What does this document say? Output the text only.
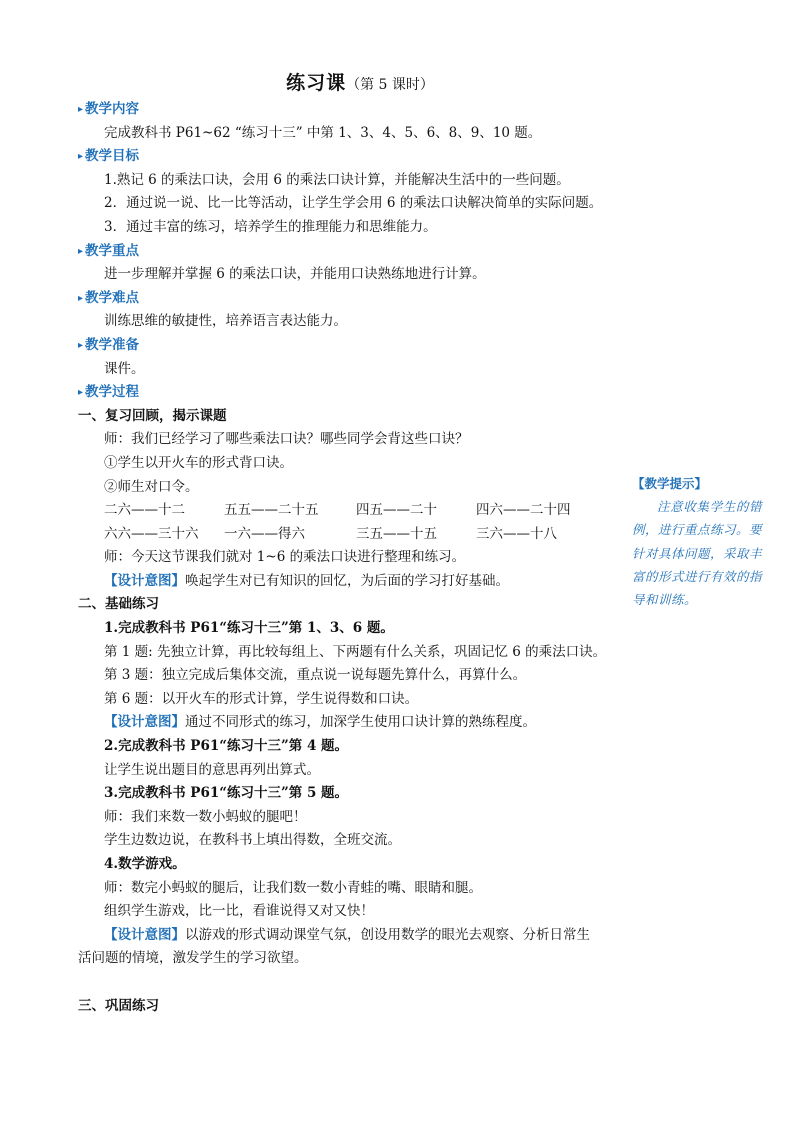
练习课（第 5 课时）
▸ 教学内容
完成教科书 P61~62 “练习十三” 中第 1、3、4、5、6、8、9、10 题。
▸ 教学目标
1.熟记 6 的乘法口诀，会用 6 的乘法口诀计算，并能解决生活中的一些问题。
2．通过说一说、比一比等活动，让学生学会用 6 的乘法口诀解决简单的实际问题。
3．通过丰富的练习，培养学生的推理能力和思维能力。
▸ 教学重点
进一步理解并掌握 6 的乘法口诀，并能用口诀熟练地进行计算。
▸ 教学难点
训练思维的敏捷性，培养语言表达能力。
▸ 教学准备
课件。
▸ 教学过程
一、复习回顾，揭示课题
师：我们已经学习了哪些乘法口诀？哪些同学会背这些口诀？
①学生以开火车的形式背口诀。
②师生对口令。
二六——十二	五五——二十五	四五——二十	四六——二十四
六六——三十六 一六——得六	三五——十五	三六——十八
师：今天这节课我们就对 1~6 的乘法口诀进行整理和练习。
【设计意图】唤起学生对已有知识的回忆，为后面的学习打好基础。
二、基础练习
1.完成教科书 P61“练习十三”第 1、3、6 题。
第 1 题: 先独立计算，再比较每组上、下两题有什么关系，巩固记忆 6 的乘法口诀。
第 3 题：独立完成后集体交流，重点说一说每题先算什么，再算什么。
第 6 题：以开火车的形式计算，学生说得数和口诀。
【设计意图】通过不同形式的练习，加深学生使用口诀计算的熟练程度。
2.完成教科书 P61“练习十三”第 4 题。
让学生说出题目的意思再列出算式。
3.完成教科书 P61“练习十三”第 5 题。
师：我们来数一数小蚂蚁的腿吧！
学生边数边说，在教科书上填出得数，全班交流。
4.数学游戏。
师：数完小蚂蚁的腿后，让我们数一数小青蛙的嘴、眼睛和腿。
组织学生游戏，比一比，看谁说得又对又快！
【设计意图】以游戏的形式调动课堂气氛，创设用数学的眼光去观察、分析日常生
活问题的情境，激发学生的学习欲望。
三、巩固练习
【教学提示】
注意收集学生的错例，进行重点练习。要针对具体问题，采取丰富的形式进行有效的指导和训练。
